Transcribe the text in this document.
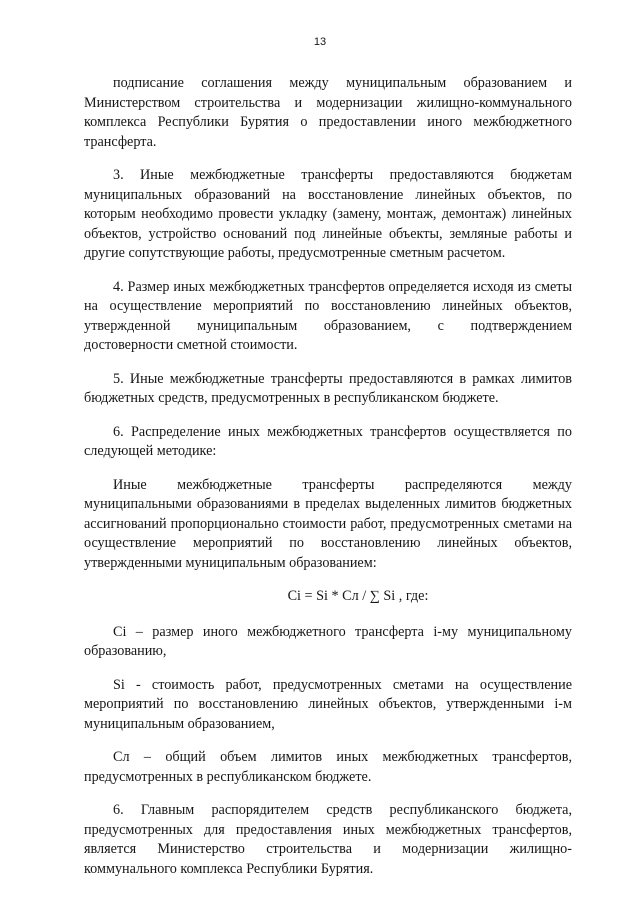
13

подписание соглашения между муниципальным образованием и Министерством строительства и модернизации жилищно-коммунального комплекса Республики Бурятия о предоставлении иного межбюджетного трансферта.

3. Иные межбюджетные трансферты предоставляются бюджетам муниципальных образований на восстановление линейных объектов, по которым необходимо провести укладку (замену, монтаж, демонтаж) линейных объектов, устройство оснований под линейные объекты, земляные работы и другие сопутствующие работы, предусмотренные сметным расчетом.

4. Размер иных межбюджетных трансфертов определяется исходя из сметы на осуществление мероприятий по восстановлению линейных объектов, утвержденной муниципальным образованием, с подтверждением достоверности сметной стоимости.

5. Иные межбюджетные трансферты предоставляются в рамках лимитов бюджетных средств, предусмотренных в республиканском бюджете.

6. Распределение иных межбюджетных трансфертов осуществляется по следующей методике:

Иные межбюджетные трансферты распределяются между муниципальными образованиями в пределах выделенных лимитов бюджетных ассигнований пропорционально стоимости работ, предусмотренных сметами на осуществление мероприятий по восстановлению линейных объектов, утвержденными муниципальным образованием:

Ci = Si * Сл / ∑ Si , где:

Ci – размер иного межбюджетного трансферта i-му муниципальному образованию,

Si - стоимость работ, предусмотренных сметами на осуществление мероприятий по восстановлению линейных объектов, утвержденными i-м муниципальным образованием,

Сл – общий объем лимитов иных межбюджетных трансфертов, предусмотренных в республиканском бюджете.

6. Главным распорядителем средств республиканского бюджета, предусмотренных для предоставления иных межбюджетных трансфертов, является Министерство строительства и модернизации жилищно-коммунального комплекса Республики Бурятия.
